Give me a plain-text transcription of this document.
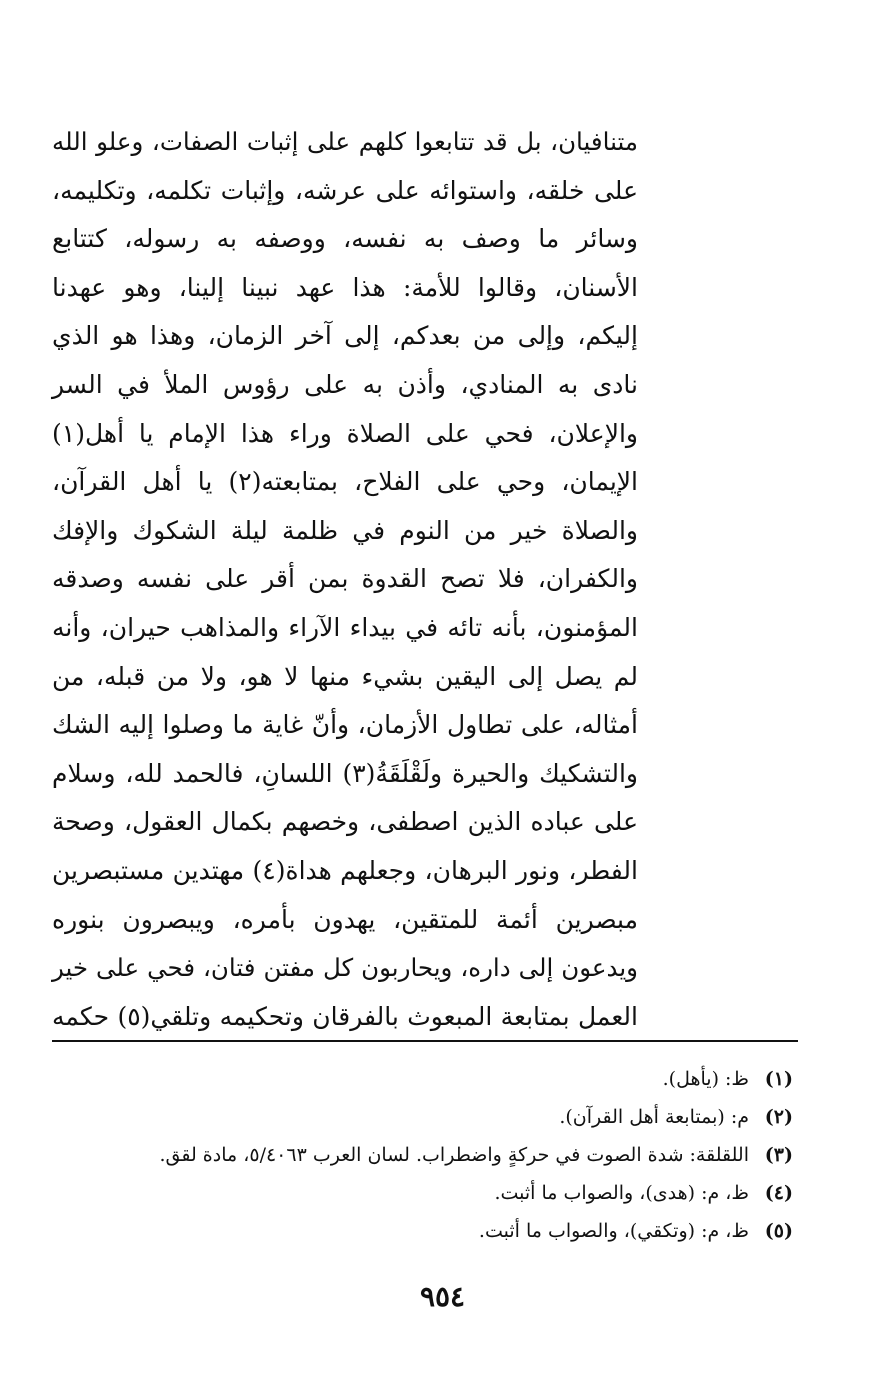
متنافيان، بل قد تتابعوا كلهم على إثبات الصفات، وعلو الله
على خلقه، واستوائه على عرشه، وإثبات تكلمه، وتكليمه،
وسائر ما وصف به نفسه، ووصفه به رسوله، كتتابع
الأسنان، وقالوا للأمة: هذا عهد نبينا إلينا، وهو عهدنا
إليكم، وإلى من بعدكم، إلى آخر الزمان، وهذا هو الذي
نادى به المنادي، وأذن به على رؤوس الملأ في السر
والإعلان، فحي على الصلاة وراء هذا الإمام يا أهل(١)
الإيمان، وحي على الفلاح، بمتابعته(٢) يا أهل القرآن،
والصلاة خير من النوم في ظلمة ليلة الشكوك والإفك
والكفران، فلا تصح القدوة بمن أقر على نفسه وصدقه
المؤمنون، بأنه تائه في بيداء الآراء والمذاهب حيران، وأنه
لم يصل إلى اليقين بشيء منها لا هو، ولا من قبله، من
أمثاله، على تطاول الأزمان، وأنّ غاية ما وصلوا إليه الشك
والتشكيك والحيرة ولَقْلَقَةُ(٣) اللسانِ، فالحمد لله، وسلام
على عباده الذين اصطفى، وخصهم بكمال العقول، وصحة
الفطر، ونور البرهان، وجعلهم هداة(٤) مهتدين مستبصرين
مبصرين أئمة للمتقين، يهدون بأمره، ويبصرون بنوره
ويدعون إلى داره، ويحاربون كل مفتن فتان، فحي على خير
العمل بمتابعة المبعوث بالفرقان وتحكيمه وتلقي(٥) حكمه
(١)
ظ: (يأهل).
(٢)
م: (بمتابعة أهل القرآن).
(٣)
اللقلقة: شدة الصوت في حركةٍ واضطراب. لسان العرب ٥/٤٠٦٣، مادة لقق.
(٤)
ظ، م: (هدى)، والصواب ما أثبت.
(٥)
ظ، م: (وتكقي)، والصواب ما أثبت.
٩٥٤
